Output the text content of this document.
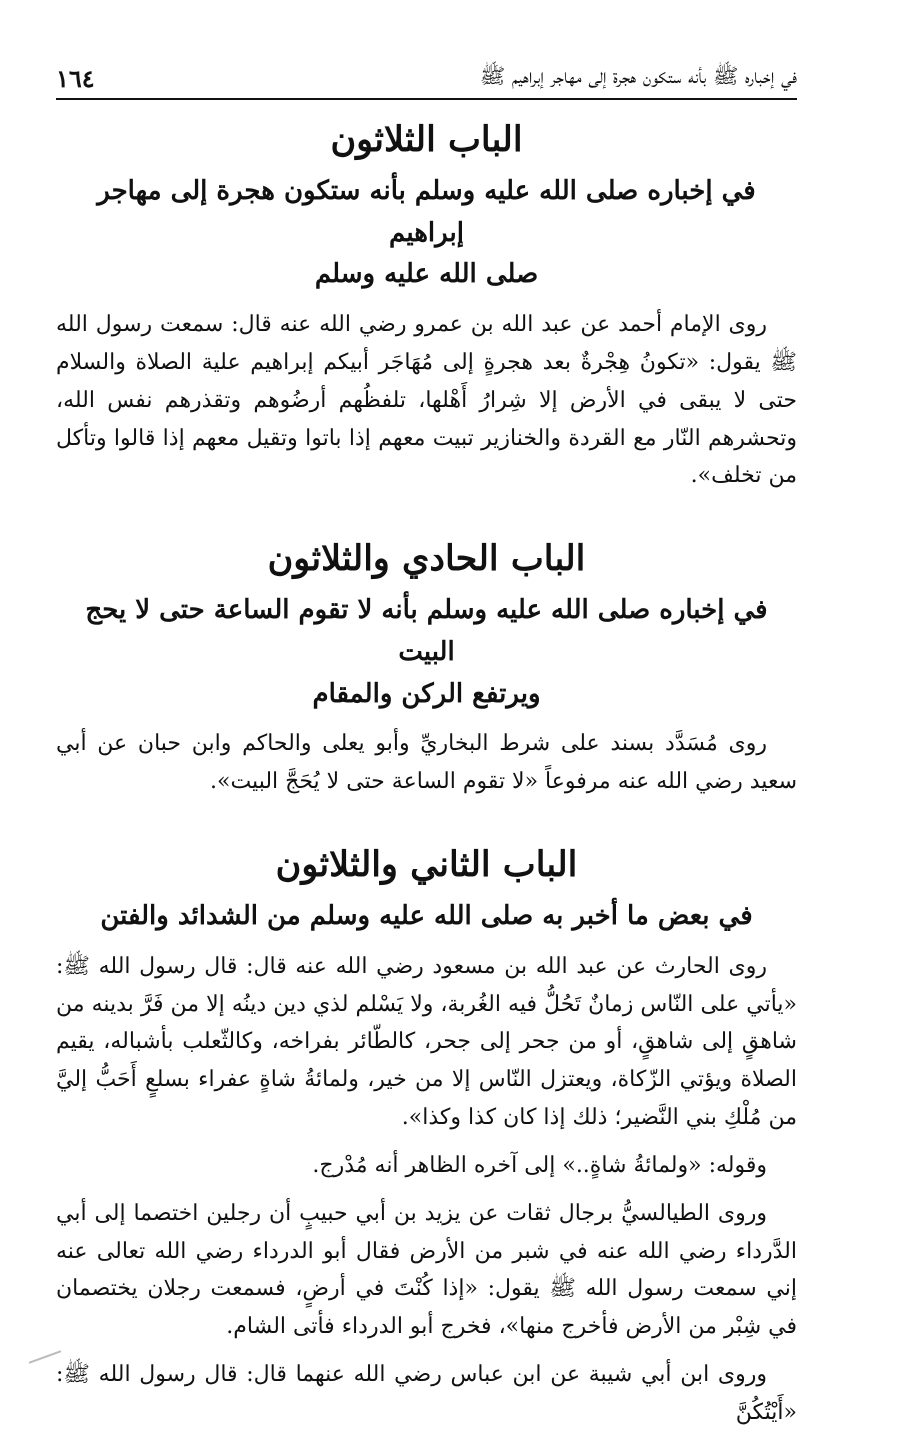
في إخباره ﷺ بأنه ستكون هجرة إلى مهاجر إبراهيم ﷺ
١٦٤
الباب الثلاثون
في إخباره صلى الله عليه وسلم بأنه ستكون هجرة إلى مهاجر إبراهيم
صلى الله عليه وسلم

روى الإمام أحمد عن عبد الله بن عمرو رضي الله عنه قال: سمعت رسول الله ﷺ يقول: «تكونُ هِجْرةٌ بعد هجرةٍ إلى مُهَاجَر أبيكم إبراهيم علية الصلاة والسلام حتى لا يبقى في الأرض إلا شِرارُ أَهْلها، تلفظُهم أرضُوهم وتقذرهم نفس الله، وتحشرهم النّار مع القردة والخنازير تبيت معهم إذا باتوا وتقيل معهم إذا قالوا وتأكل من تخلف».

الباب الحادي والثلاثون
في إخباره صلى الله عليه وسلم بأنه لا تقوم الساعة حتى لا يحج البيت
ويرتفع الركن والمقام

روى مُسَدَّد بسند على شرط البخاريِّ وأبو يعلى والحاكم وابن حبان عن أبي سعيد رضي الله عنه مرفوعاً «لا تقوم الساعة حتى لا يُحَجَّ البيت».

الباب الثاني والثلاثون
في بعض ما أخبر به صلى الله عليه وسلم من الشدائد والفتن

روى الحارث عن عبد الله بن مسعود رضي الله عنه قال: قال رسول الله ﷺ: «يأتي على النّاس زمانٌ تَحُلُّ فيه الغُربة، ولا يَسْلم لذي دين دينُه إلا من فَرَّ بدينه من شاهقٍ إلى شاهقٍ، أو من جحر إلى جحر، كالطّائر بفراخه، وكالثّعلب بأشباله، يقيم الصلاة ويؤتي الزّكاة، ويعتزل النّاس إلا من خير، ولمائةُ شاةٍ عفراء بسلعٍ أَحَبُّ إليَّ من مُلْكِ بني النَّضير؛ ذلك إذا كان كذا وكذا».

وقوله: «ولمائةُ شاةٍ..» إلى آخره الظاهر أنه مُدْرج.

وروى الطيالسيُّ برجال ثقات عن يزيد بن أبي حبيبٍ أن رجلين اختصما إلى أبي الدَّرداء رضي الله عنه في شبر من الأرض فقال أبو الدرداء رضي الله تعالى عنه إني سمعت رسول الله ﷺ يقول: «إذا كُنْتَ في أرضٍ، فسمعت رجلان يختصمان في شِبْر من الأرض فأخرج منها»، فخرج أبو الدرداء فأتى الشام.

وروى ابن أبي شيبة عن ابن عباس رضي الله عنهما قال: قال رسول الله ﷺ: «أَيْتُكُنَّ
